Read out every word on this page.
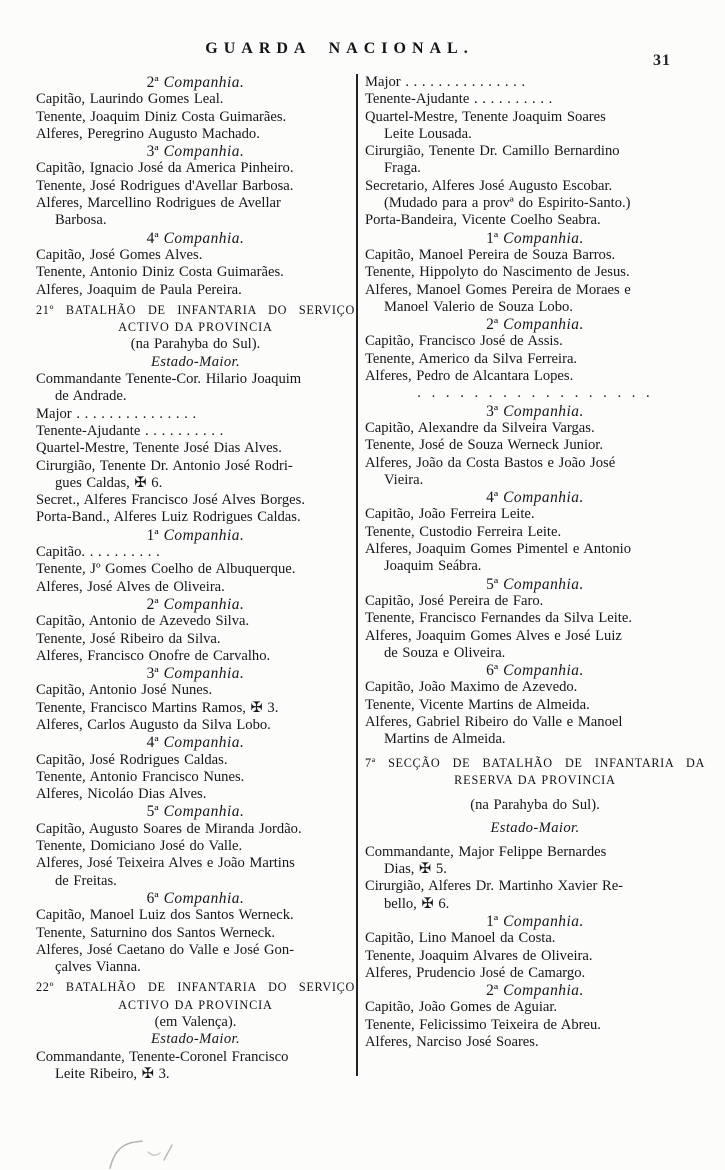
GUARDA NACIONAL.
31
2ª Companhia.
Capitão, Laurindo Gomes Leal.
Tenente, Joaquim Diniz Costa Guimarães.
Alferes, Peregrino Augusto Machado.
3ª Companhia.
Capitão, Ignacio José da America Pinheiro.
Tenente, José Rodrigues d'Avellar Barbosa.
Alferes, Marcellino Rodrigues de Avellar
Barbosa.
4ª Companhia.
Capitão, José Gomes Alves.
Tenente, Antonio Diniz Costa Guimarães.
Alferes, Joaquim de Paula Pereira.
21º BATALHÃO DE INFANTARIA DO SERVIÇO
ACTIVO DA PROVINCIA
(na Parahyba do Sul).
Estado-Maior.
Commandante Tenente-Cor. Hilario Joaquim
de Andrade.
Major . . . . . . . . . . . . . . .
Tenente-Ajudante . . . . . . . . . .
Quartel-Mestre, Tenente José Dias Alves.
Cirurgião, Tenente Dr. Antonio José Rodri-
gues Caldas, ✠ 6.
Secret., Alferes Francisco José Alves Borges.
Porta-Band., Alferes Luiz Rodrigues Caldas.
1ª Companhia.
Capitão. . . . . . . . . .
Tenente, Jº Gomes Coelho de Albuquerque.
Alferes, José Alves de Oliveira.
2ª Companhia.
Capitão, Antonio de Azevedo Silva.
Tenente, José Ribeiro da Silva.
Alferes, Francisco Onofre de Carvalho.
3ª Companhia.
Capitão, Antonio José Nunes.
Tenente, Francisco Martins Ramos, ✠ 3.
Alferes, Carlos Augusto da Silva Lobo.
4ª Companhia.
Capitão, José Rodrigues Caldas.
Tenente, Antonio Francisco Nunes.
Alferes, Nicoláo Dias Alves.
5ª Companhia.
Capitão, Augusto Soares de Miranda Jordão.
Tenente, Domiciano José do Valle.
Alferes, José Teixeira Alves e João Martins
de Freitas.
6ª Companhia.
Capitão, Manoel Luiz dos Santos Werneck.
Tenente, Saturnino dos Santos Werneck.
Alferes, José Caetano do Valle e José Gon-
çalves Vianna.
22º BATALHÃO DE INFANTARIA DO SERVIÇO
ACTIVO DA PROVINCIA
(em Valença).
Estado-Maior.
Commandante, Tenente-Coronel Francisco
Leite Ribeiro, ✠ 3.
Major . . . . . . . . . . . . . . .
Tenente-Ajudante . . . . . . . . . .
Quartel-Mestre, Tenente Joaquim Soares
Leite Lousada.
Cirurgião, Tenente Dr. Camillo Bernardino
Fraga.
Secretario, Alferes José Augusto Escobar.
(Mudado para a provª do Espirito-Santo.)
Porta-Bandeira, Vicente Coelho Seabra.
1ª Companhia.
Capitão, Manoel Pereira de Souza Barros.
Tenente, Hippolyto do Nascimento de Jesus.
Alferes, Manoel Gomes Pereira de Moraes e
Manoel Valerio de Souza Lobo.
2ª Companhia.
Capitão, Francisco José de Assis.
Tenente, Americo da Silva Ferreira.
Alferes, Pedro de Alcantara Lopes.
. . . . . . . . . . . . . . . . .
3ª Companhia.
Capitão, Alexandre da Silveira Vargas.
Tenente, José de Souza Werneck Junior.
Alferes, João da Costa Bastos e João José
Vieira.
4ª Companhia.
Capitão, João Ferreira Leite.
Tenente, Custodio Ferreira Leite.
Alferes, Joaquim Gomes Pimentel e Antonio
Joaquim Seábra.
5ª Companhia.
Capitão, José Pereira de Faro.
Tenente, Francisco Fernandes da Silva Leite.
Alferes, Joaquim Gomes Alves e José Luiz
de Souza e Oliveira.
6ª Companhia.
Capitão, João Maximo de Azevedo.
Tenente, Vicente Martins de Almeida.
Alferes, Gabriel Ribeiro do Valle e Manoel
Martins de Almeida.
7ª SECÇÃO DE BATALHÃO DE INFANTARIA DA
RESERVA DA PROVINCIA
(na Parahyba do Sul).
Estado-Maior.
Commandante, Major Felippe Bernardes
Dias, ✠ 5.
Cirurgião, Alferes Dr. Martinho Xavier Re-
bello, ✠ 6.
1ª Companhia.
Capitão, Lino Manoel da Costa.
Tenente, Joaquim Alvares de Oliveira.
Alferes, Prudencio José de Camargo.
2ª Companhia.
Capitão, João Gomes de Aguiar.
Tenente, Felicissimo Teixeira de Abreu.
Alferes, Narciso José Soares.
